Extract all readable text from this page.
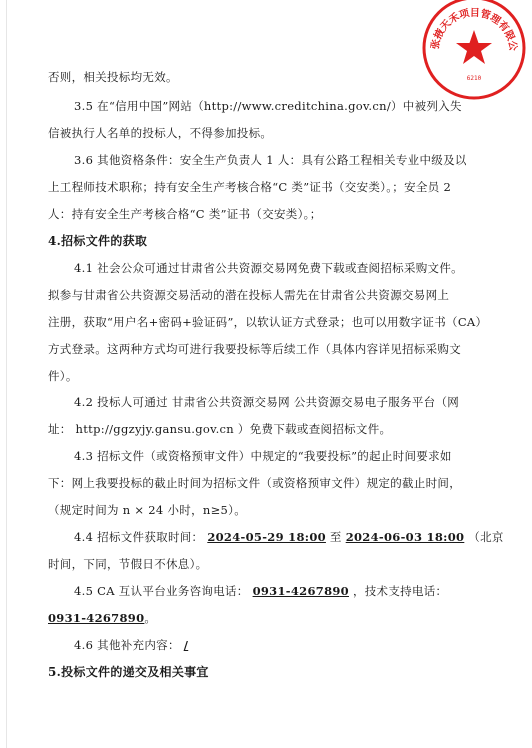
否则，相关投标均无效。
3.5 在“信用中国”网站（http://www.creditchina.gov.cn/）中被列入失
信被执行人名单的投标人，不得参加投标。
3.6 其他资格条件：安全生产负责人 1 人：具有公路工程相关专业中级及以
上工程师技术职称；持有安全生产考核合格“C 类”证书（交安类）。；安全员 2
人：持有安全生产考核合格“C 类”证书（交安类）。；
4.招标文件的获取
4.1 社会公众可通过甘肃省公共资源交易网免费下载或查阅招标采购文件。
拟参与甘肃省公共资源交易活动的潜在投标人需先在甘肃省公共资源交易网上
注册，获取“用户名+密码+验证码”，以软认证方式登录；也可以用数字证书（CA）
方式登录。这两种方式均可进行我要投标等后续工作（具体内容详见招标采购文
件）。
4.2 投标人可通过 甘肃省公共资源交易网 公共资源交易电子服务平台（网
址： http://ggzyjy.gansu.gov.cn ）免费下载或查阅招标文件。
4.3 招标文件（或资格预审文件）中规定的“我要投标”的起止时间要求如
下：网上我要投标的截止时间为招标文件（或资格预审文件）规定的截止时间，
（规定时间为 n × 24 小时，n≥5）。
4.4 招标文件获取时间： 2024-05-29 18:00 至 2024-06-03 18:00 （北京
时间，下同，节假日不休息）。
4.5 CA 互认平台业务咨询电话： 0931-4267890 ，技术支持电话：
0931-4267890。
4.6 其他补充内容： /
5.投标文件的递交及相关事宜
张掖天禾项目管理有限公
6210
